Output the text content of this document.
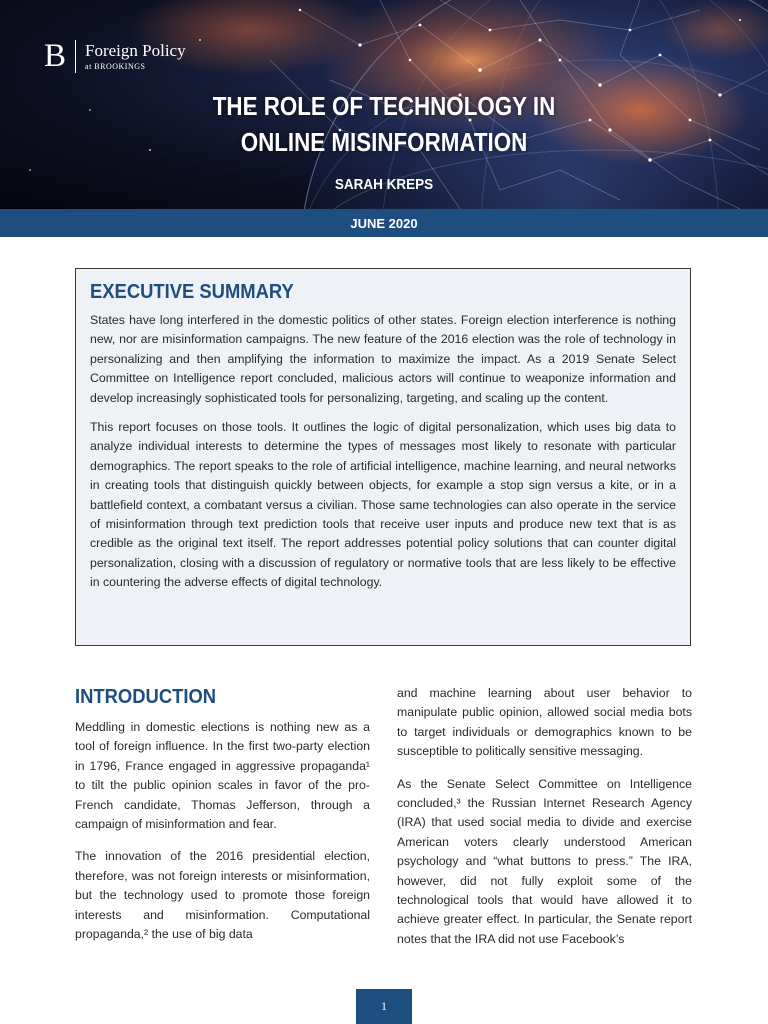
B	Foreign Policy
at BROOKINGS
THE ROLE OF TECHNOLOGY IN
ONLINE MISINFORMATION
SARAH KREPS
JUNE 2020
EXECUTIVE SUMMARY

States have long interfered in the domestic politics of other states. Foreign election interference is nothing new, nor are misinformation campaigns. The new feature of the 2016 election was the role of technology in personalizing and then amplifying the information to maximize the impact. As a 2019 Senate Select Committee on Intelligence report concluded, malicious actors will continue to weaponize information and develop increasingly sophisticated tools for personalizing, targeting, and scaling up the content.

This report focuses on those tools. It outlines the logic of digital personalization, which uses big data to analyze individual interests to determine the types of messages most likely to resonate with particular demographics. The report speaks to the role of artificial intelligence, machine learning, and neural networks in creating tools that distinguish quickly between objects, for example a stop sign versus a kite, or in a battlefield context, a combatant versus a civilian. Those same technologies can also operate in the service of misinformation through text prediction tools that receive user inputs and produce new text that is as credible as the original text itself. The report addresses potential policy solutions that can counter digital personalization, closing with a discussion of regulatory or normative tools that are less likely to be effective in countering the adverse effects of digital technology.

INTRODUCTION

Meddling in domestic elections is nothing new as a tool of foreign influence. In the first two-party election in 1796, France engaged in aggressive propaganda¹ to tilt the public opinion scales in favor of the pro-French candidate, Thomas Jefferson, through a campaign of misinformation and fear.

The innovation of the 2016 presidential election, therefore, was not foreign interests or misinformation, but the technology used to promote those foreign interests and misinformation. Computational propaganda,² the use of big data

and machine learning about user behavior to manipulate public opinion, allowed social media bots to target individuals or demographics known to be susceptible to politically sensitive messaging.

As the Senate Select Committee on Intelligence concluded,³ the Russian Internet Research Agency (IRA) that used social media to divide and exercise American voters clearly understood American psychology and “what buttons to press.” The IRA, however, did not fully exploit some of the technological tools that would have allowed it to achieve greater effect. In particular, the Senate report notes that the IRA did not use Facebook’s

1
